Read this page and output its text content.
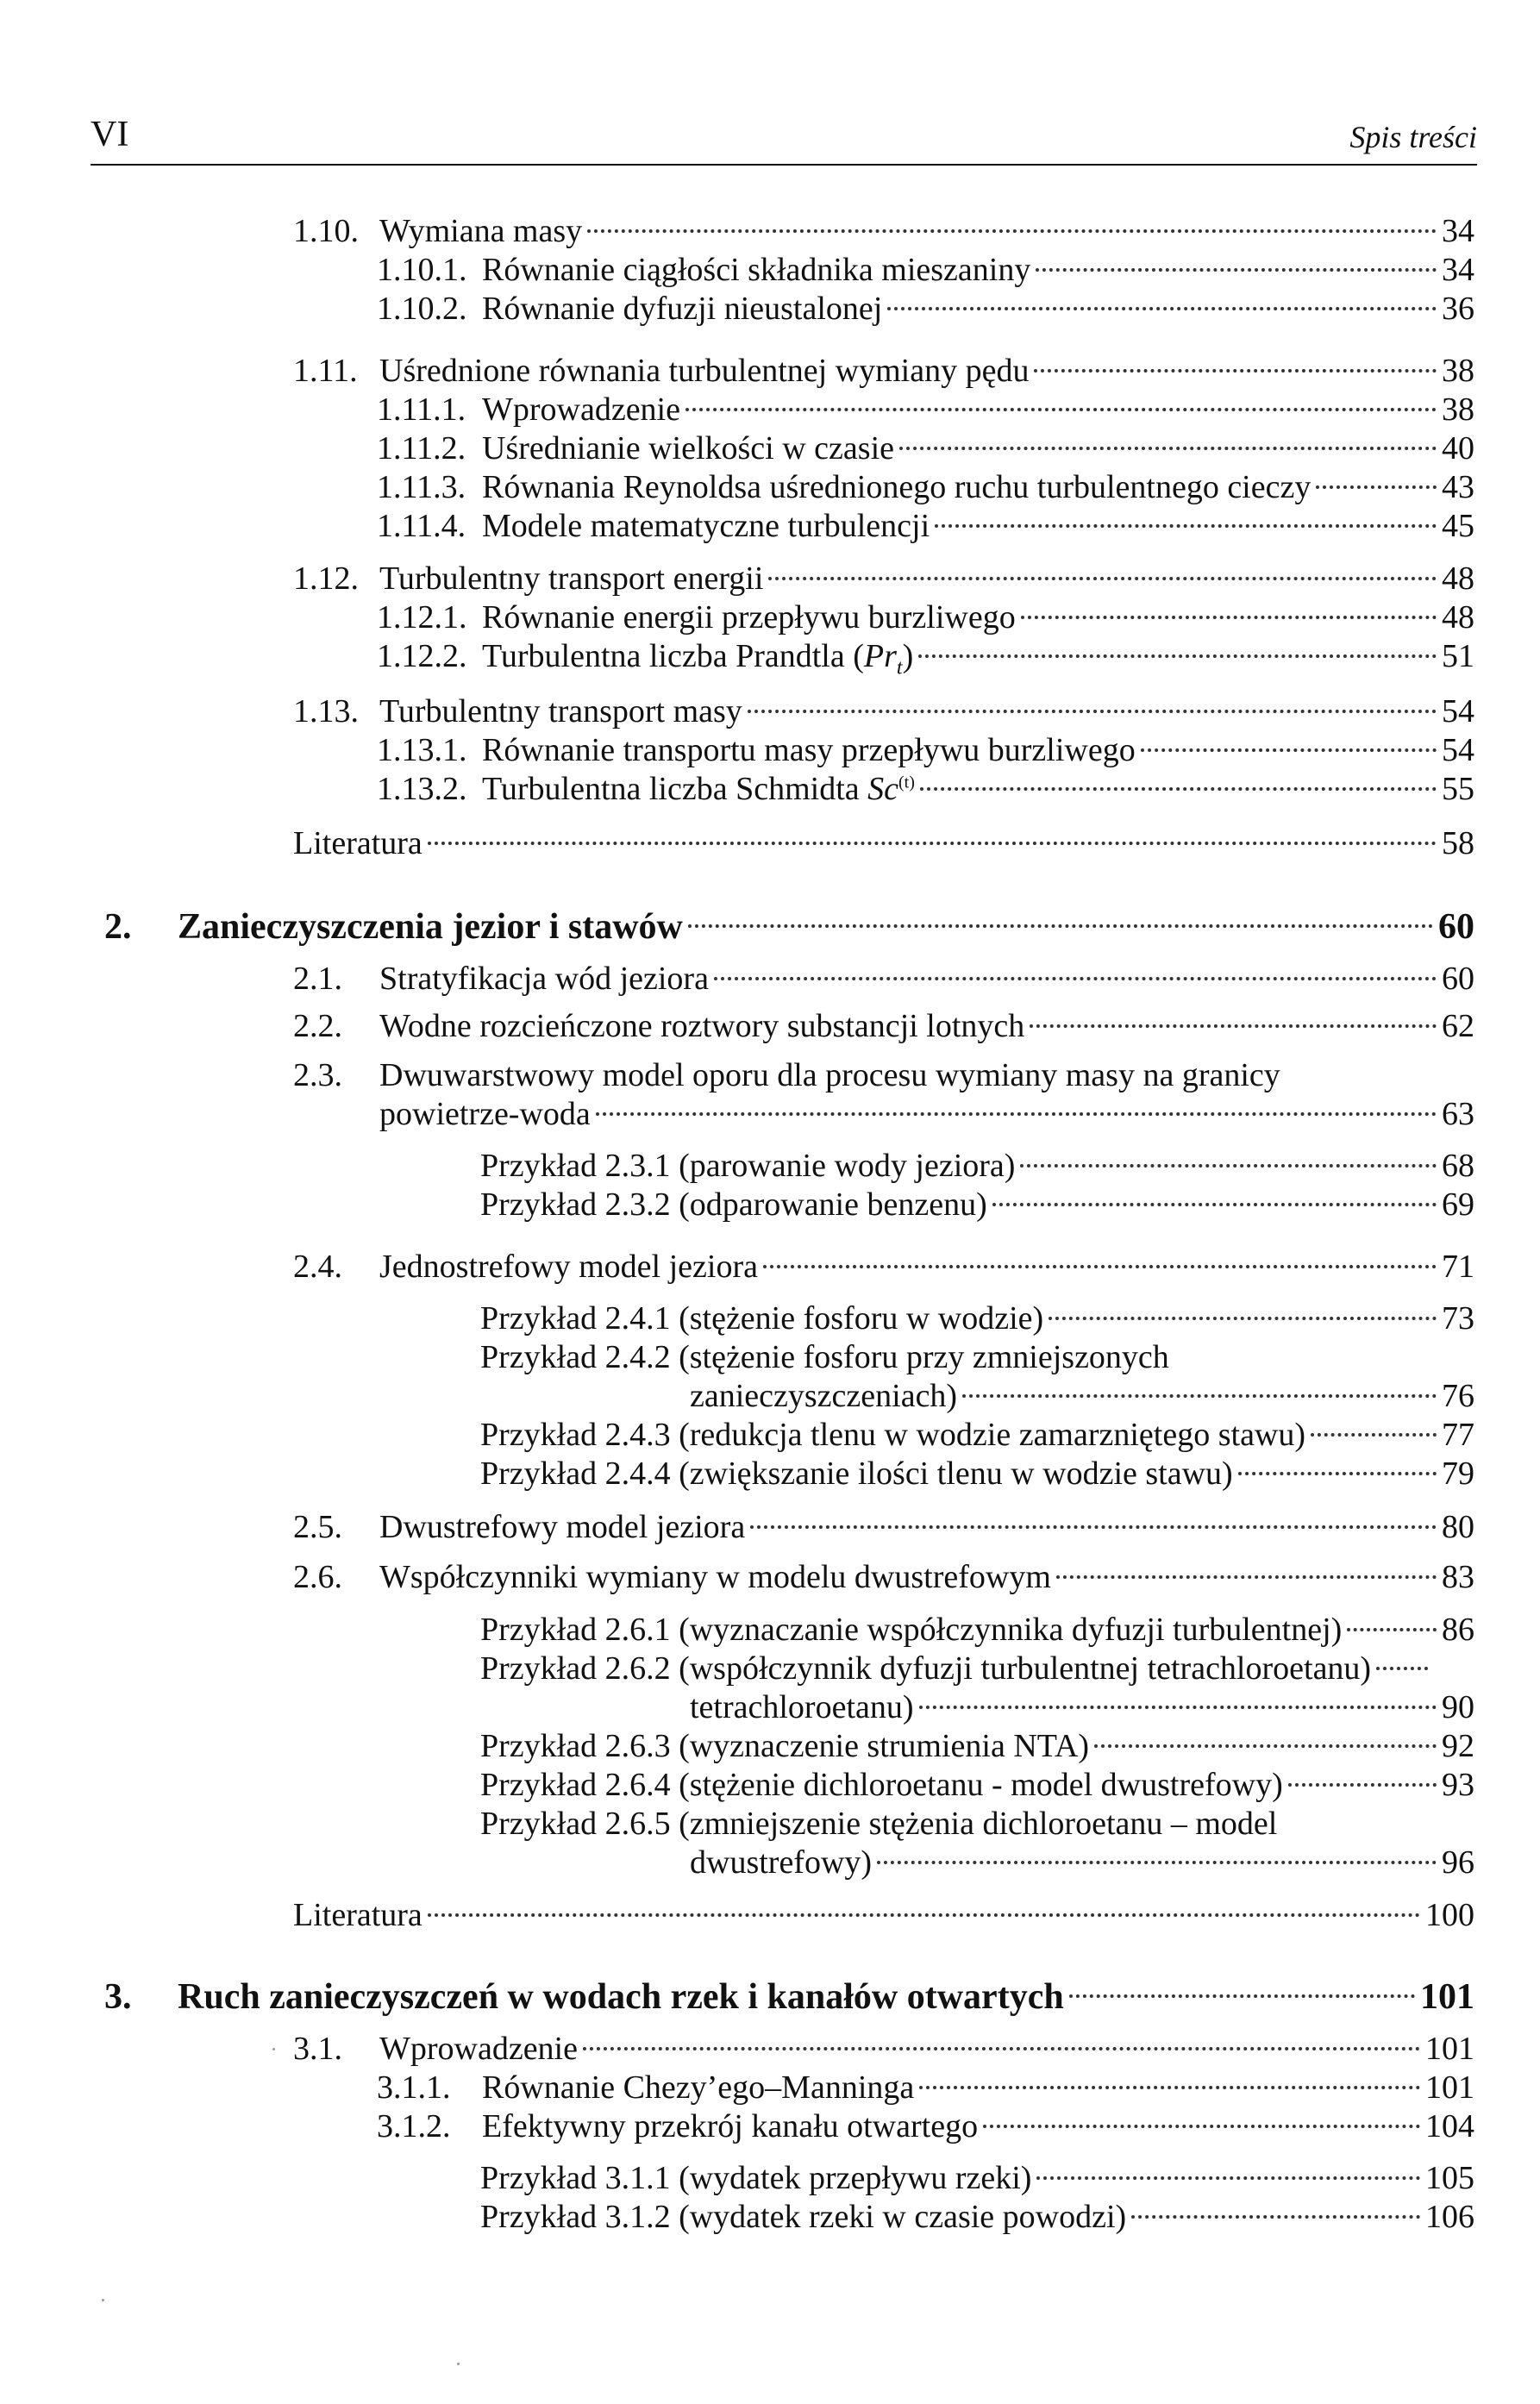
VI	Spis treści
1.10. Wymiana masy	34
1.10.1. Równanie ciągłości składnika mieszaniny	34
1.10.2. Równanie dyfuzji nieustalonej	36
1.11. Uśrednione równania turbulentnej wymiany pędu	38
1.11.1. Wprowadzenie	38
1.11.2. Uśrednianie wielkości w czasie	40
1.11.3. Równania Reynoldsa uśrednionego ruchu turbulentnego cieczy	43
1.11.4. Modele matematyczne turbulencji	45
1.12. Turbulentny transport energii	48
1.12.1. Równanie energii przepływu burzliwego	48
1.12.2. Turbulentna liczba Prandtla $(Pr_t)$	51
1.13. Turbulentny transport masy	54
1.13.1. Równanie transportu masy przepływu burzliwego	54
1.13.2. Turbulentna liczba Schmidta Sc$^{(t)}$	55
Literatura	58
2.	Zanieczyszczenia jezior i stawów	60
2.1.	Stratyfikacja wód jeziora	60
2.2.	Wodne rozcieńczone roztwory substancji lotnych	62
2.3. Dwuwarstwowy model oporu dla procesu wymiany masy na granicy
powietrze-woda	63
Przykład 2.3.1 (parowanie wody jeziora)	68
Przykład 2.3.2 (odparowanie benzenu)	69
2.4.	Jednostrefowy model jeziora	71
Przykład 2.4.1 (stężenie fosforu w wodzie)	73
Przykład 2.4.2 (stężenie fosforu przy zmniejszonych
zanieczyszczeniach)	76
Przykład 2.4.3 (redukcja tlenu w wodzie zamarzniętego stawu)	77
Przykład 2.4.4 (zwiększanie ilości tlenu w wodzie stawu)	79
2.5.	Dwustrefowy model jeziora	80
2.6.	Współczynniki wymiany w modelu dwustrefowym	83
Przykład 2.6.1 (wyznaczanie współczynnika dyfuzji turbulentnej)	86
Przykład 2.6.2 (współczynnik dyfuzji turbulentnej tetrachloroetanu)
tetrachloroetanu)	90
Przykład 2.6.3 (wyznaczenie strumienia NTA)	92
Przykład 2.6.4 (stężenie dichloroetanu - model dwustrefowy)	93
Przykład 2.6.5 (zmniejszenie stężenia dichloroetanu – model
dwustrefowy)	96
Literatura	100
3.	Ruch zanieczyszczeń w wodach rzek i kanałów otwartych	101
3.1.	Wprowadzenie	101
3.1.1. Równanie Chezy’ego–Manninga	101
3.1.2. Efektywny przekrój kanału otwartego	104
Przykład 3.1.1 (wydatek przepływu rzeki)	105
Przykład 3.1.2 (wydatek rzeki w czasie powodzi)	106
